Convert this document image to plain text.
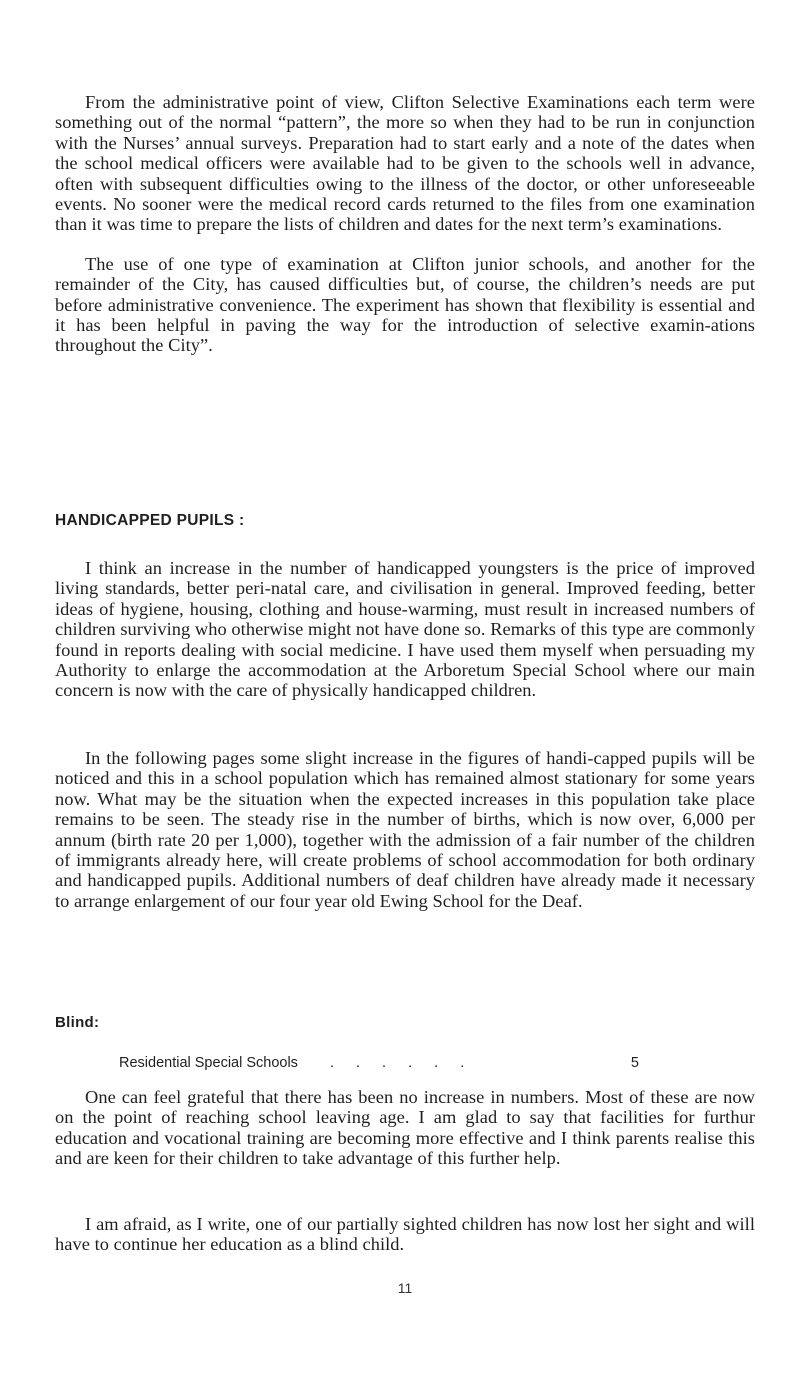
From the administrative point of view, Clifton Selective Examinations each term were something out of the normal “pattern”, the more so when they had to be run in conjunction with the Nurses’ annual surveys. Preparation had to start early and a note of the dates when the school medical officers were available had to be given to the schools well in advance, often with subsequent difficulties owing to the illness of the doctor, or other unforeseeable events. No sooner were the medical record cards returned to the files from one examination than it was time to prepare the lists of children and dates for the next term’s examinations.

The use of one type of examination at Clifton junior schools, and another for the remainder of the City, has caused difficulties but, of course, the children’s needs are put before administrative convenience. The experiment has shown that flexibility is essential and it has been helpful in paving the way for the introduction of selective examin-ations throughout the City”.

HANDICAPPED PUPILS :

I think an increase in the number of handicapped youngsters is the price of improved living standards, better peri-natal care, and civilisation in general. Improved feeding, better ideas of hygiene, housing, clothing and house-warming, must result in increased numbers of children surviving who otherwise might not have done so. Remarks of this type are commonly found in reports dealing with social medicine. I have used them myself when persuading my Authority to enlarge the accommodation at the Arboretum Special School where our main concern is now with the care of physically handicapped children.

In the following pages some slight increase in the figures of handi-capped pupils will be noticed and this in a school population which has remained almost stationary for some years now. What may be the situation when the expected increases in this population take place remains to be seen. The steady rise in the number of births, which is now over, 6,000 per annum (birth rate 20 per 1,000), together with the admission of a fair number of the children of immigrants already here, will create problems of school accommodation for both ordinary and handicapped pupils. Additional numbers of deaf children have already made it necessary to arrange enlargement of our four year old Ewing School for the Deaf.

Blind:
Residential Special Schools . . . . . .	5

One can feel grateful that there has been no increase in numbers. Most of these are now on the point of reaching school leaving age. I am glad to say that facilities for furthur education and vocational training are becoming more effective and I think parents realise this and are keen for their children to take advantage of this further help.

I am afraid, as I write, one of our partially sighted children has now lost her sight and will have to continue her education as a blind child.

11
